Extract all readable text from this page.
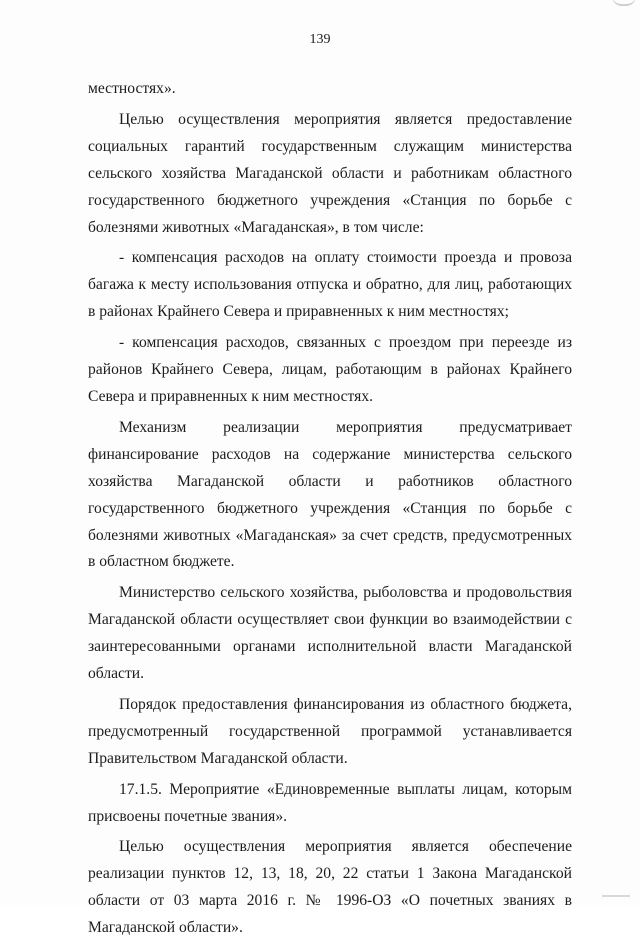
139

местностях».

Целью осуществления мероприятия является предоставление социальных гарантий государственным служащим министерства сельского хозяйства Магаданской области и работникам областного государственного бюджетного учреждения «Станция по борьбе с болезнями животных «Магаданская», в том числе:

- компенсация расходов на оплату стоимости проезда и провоза багажа к месту использования отпуска и обратно, для лиц, работающих в районах Крайнего Севера и приравненных к ним местностях;

- компенсация расходов, связанных с проездом при переезде из районов Крайнего Севера, лицам, работающим в районах Крайнего Севера и приравненных к ним местностях.

Механизм реализации мероприятия предусматривает финансирование расходов на содержание министерства сельского хозяйства Магаданской области и работников областного государственного бюджетного учреждения «Станция по борьбе с болезнями животных «Магаданская» за счет средств, предусмотренных в областном бюджете.

Министерство сельского хозяйства, рыболовства и продовольствия Магаданской области осуществляет свои функции во взаимодействии с заинтересованными органами исполнительной власти Магаданской области.

Порядок предоставления финансирования из областного бюджета, предусмотренный государственной программой устанавливается Правительством Магаданской области.

17.1.5. Мероприятие «Единовременные выплаты лицам, которым присвоены почетные звания».

Целью осуществления мероприятия является обеспечение реализации пунктов 12, 13, 18, 20, 22 статьи 1 Закона Магаданской области от 03 марта 2016 г. № 1996-ОЗ «О почетных званиях в Магаданской области».
